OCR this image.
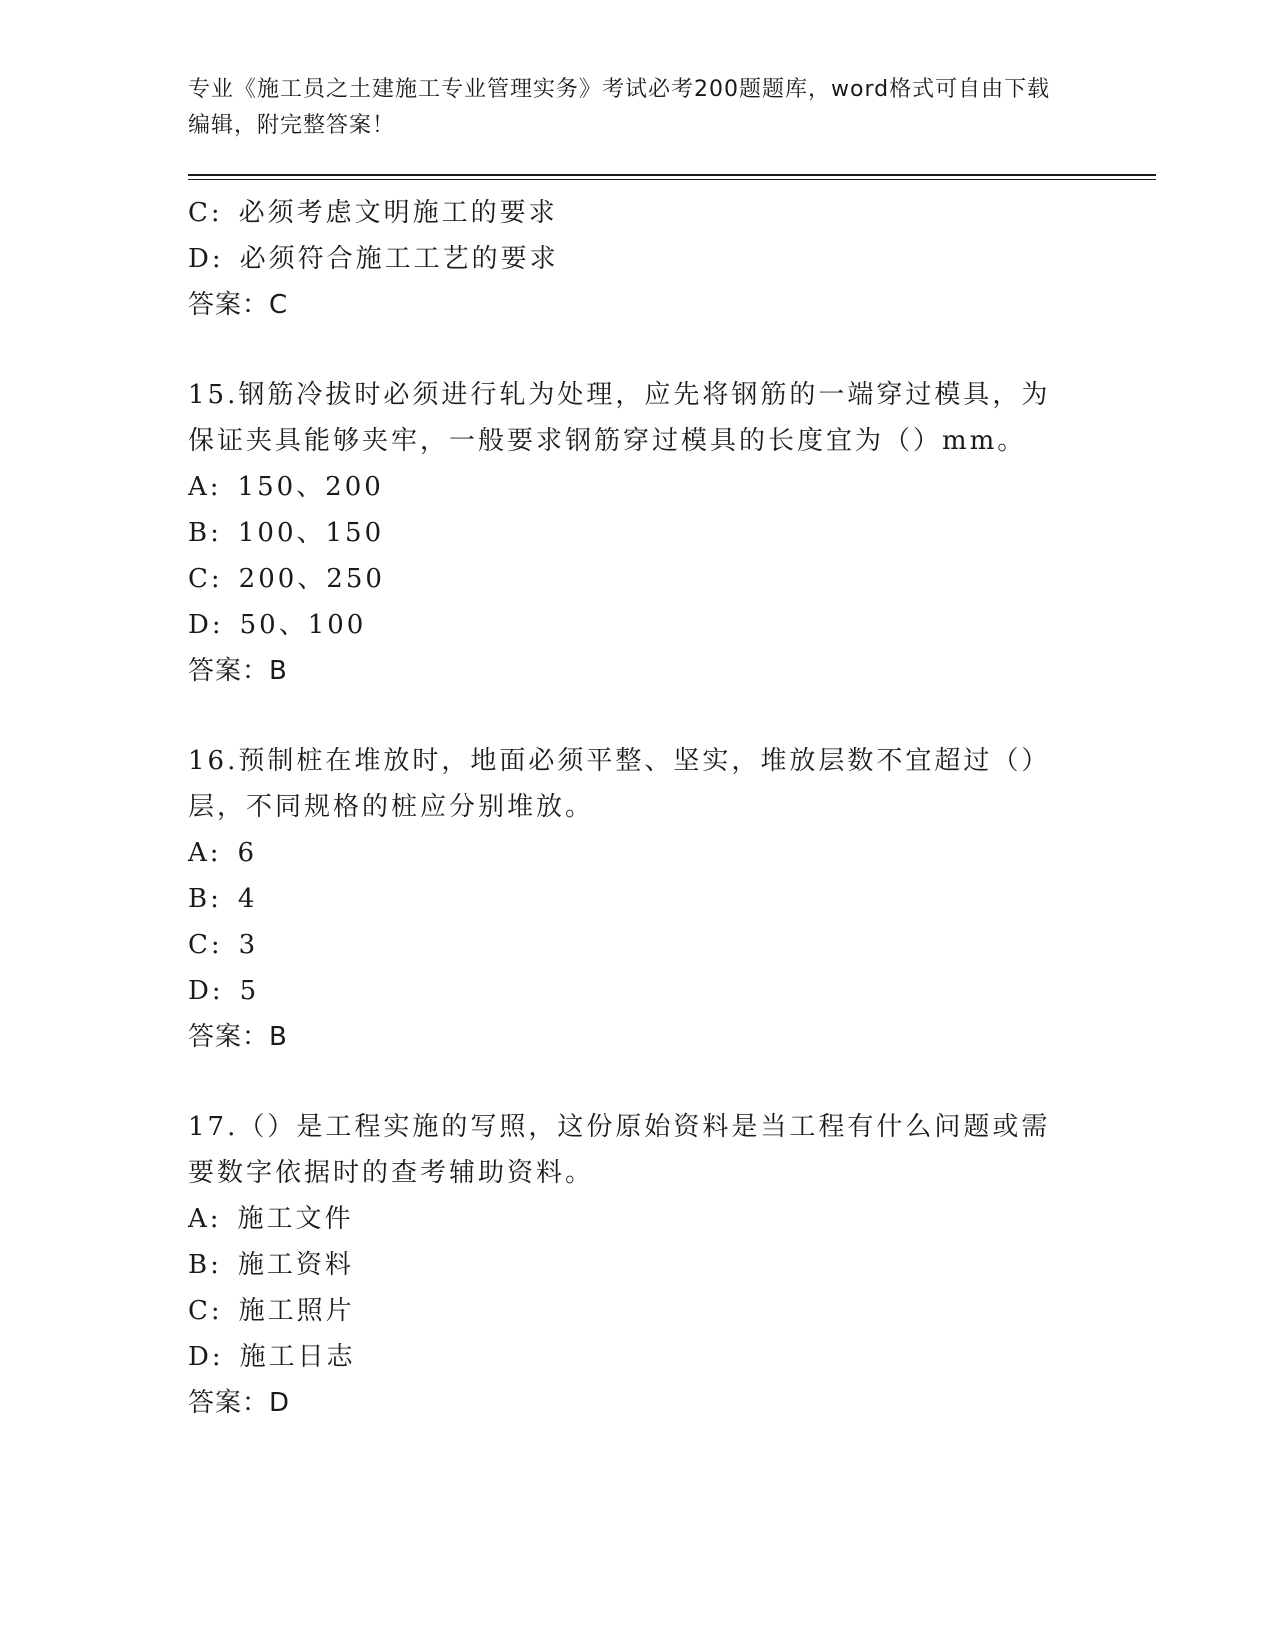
专业《施工员之土建施工专业管理实务》考试必考200题题库，word格式可自由下载编辑，附完整答案！
C: 必须考虑文明施工的要求
D: 必须符合施工工艺的要求
答案：C
15.钢筋冷拔时必须进行轧为处理，应先将钢筋的一端穿过模具，为保证夹具能够夹牢，一般要求钢筋穿过模具的长度宜为（）mm。
A: 150、200
B: 100、150
C: 200、250
D: 50、100
答案：B
16.预制桩在堆放时，地面必须平整、坚实，堆放层数不宜超过（）层，不同规格的桩应分别堆放。
A: 6
B: 4
C: 3
D: 5
答案：B
17.（）是工程实施的写照，这份原始资料是当工程有什么问题或需要数字依据时的查考辅助资料。
A: 施工文件
B: 施工资料
C: 施工照片
D: 施工日志
答案：D
